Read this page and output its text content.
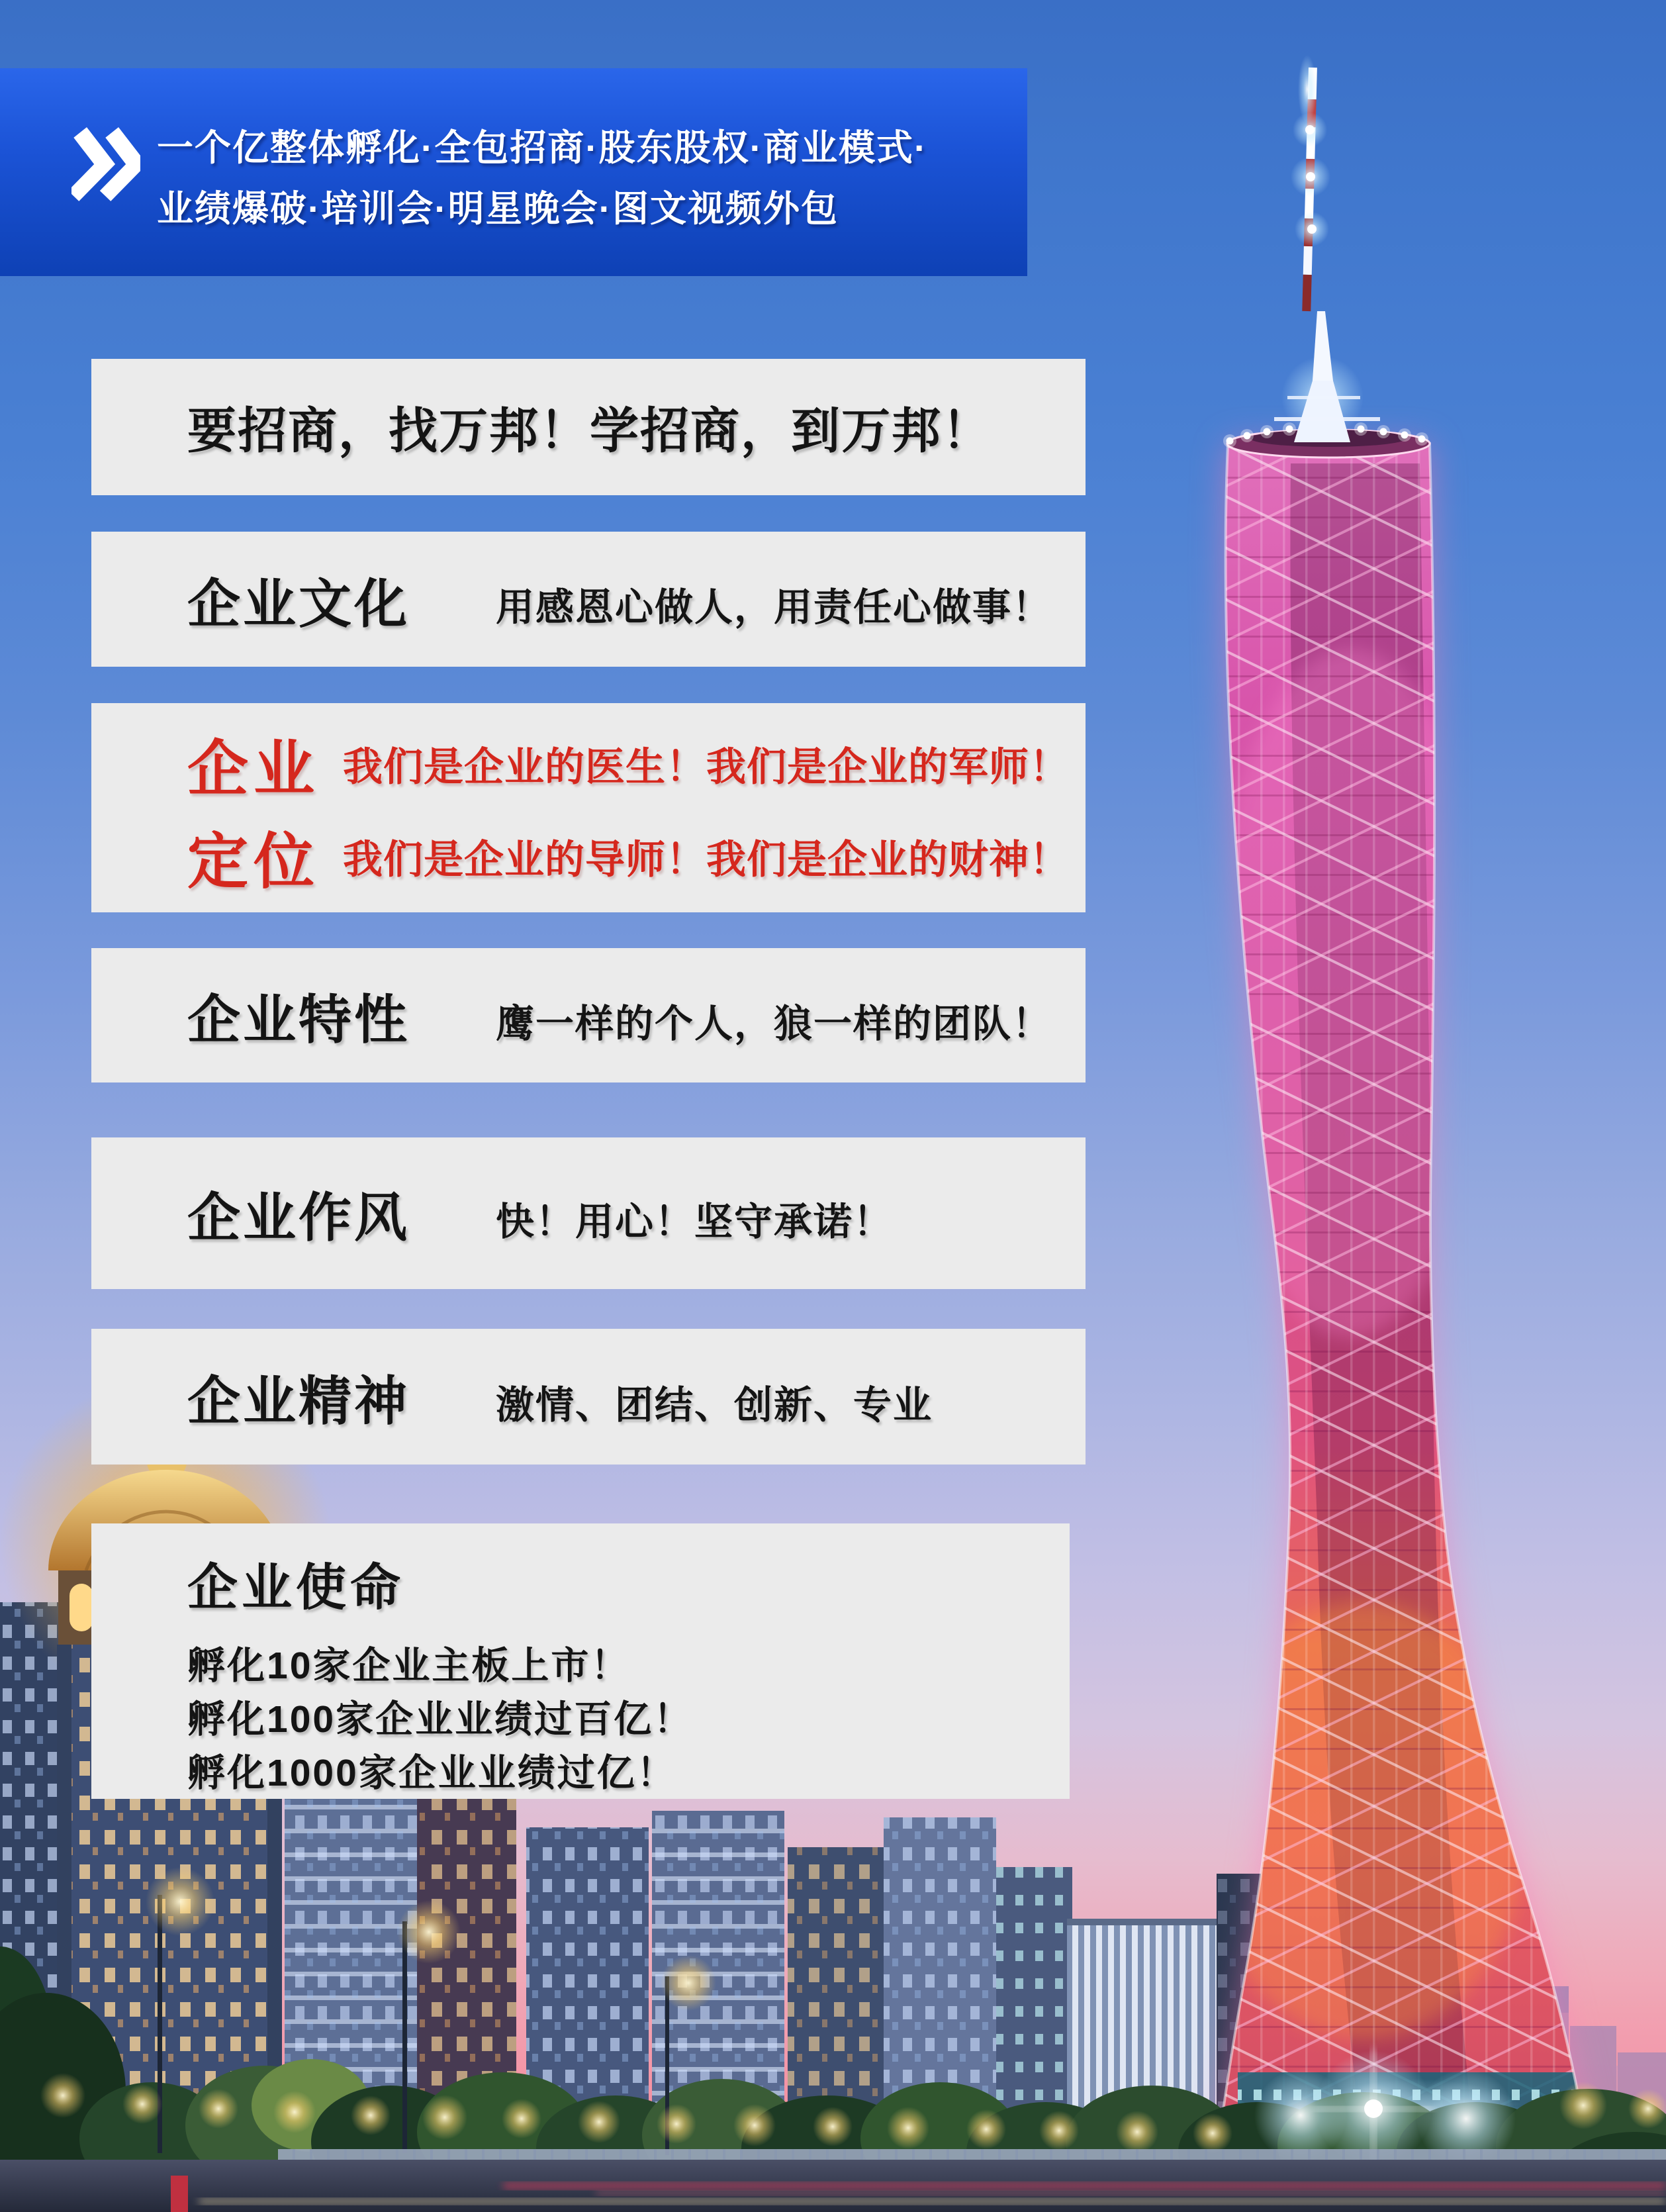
一个亿整体孵化·全包招商·股东股权·商业模式·
业绩爆破·培训会·明星晚会·图文视频外包
要招商，找万邦！学招商，到万邦！
企业文化 用感恩心做人，用责任心做事！
企业 我们是企业的医生！我们是企业的军师！
定位 我们是企业的导师！我们是企业的财神！
企业特性 鹰一样的个人，狼一样的团队！
企业作风 快！用心！坚守承诺！
企业精神 激情、团结、创新、专业
企业使命
孵化10家企业主板上市！
孵化100家企业业绩过百亿！
孵化1000家企业业绩过亿！
